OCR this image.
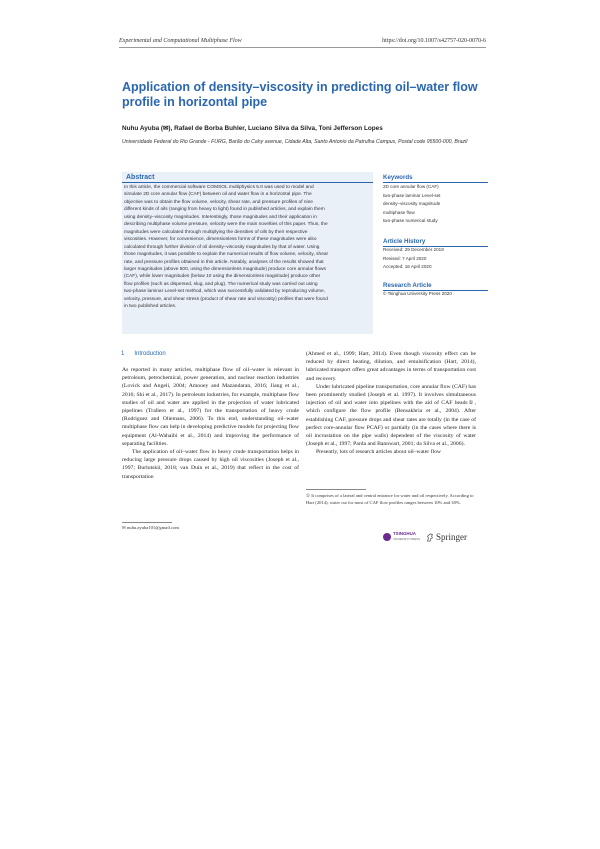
Experimental and Computational Multiphase Flow	https://doi.org/10.1007/s42757-020-0070-6
Application of density–viscosity in predicting oil–water flow profile in horizontal pipe
Nuhu Ayuba (✉), Rafael de Borba Buhler, Luciano Silva da Silva, Toni Jefferson Lopes
Universidade Federal do Rio Grande - FURG, Barão do Cahy avenue, Cidade Alta, Santo Antonio da Patrulha Campus, Postal code 95500-000, Brazil
Abstract
In this article, the commercial software COMSOL multiphysics 5.0 was used to model and
simulate 2D core annular flow (CAF) between oil and water flow in a horizontal pipe. The
objective was to obtain the flow volume, velocity, shear rate, and pressure profiles of nine
different kinds of oils (ranging from heavy to light) found in published articles, and explain them
using density–viscosity magnitudes. Interestingly, those magnitudes and their application in
describing multiphase volume pressure, velocity were the main novelties of this paper. Thus, the
magnitudes were calculated through multiplying the densities of oils by their respective
viscosities. However, for convenience, dimensionless forms of these magnitudes were also
calculated through further division of oil density–viscosity magnitudes by that of water. Using
those magnitudes, it was possible to explain the numerical results of flow volume, velocity, shear
rate, and pressure profiles obtained in this article. Notably, analyses of the results showed that
larger magnitudes (above 500, using the dimensionless magnitude) produce core annular flows
(CAF), while lower magnitudes (below 10 using the dimensionless magnitude) produce other
flow profiles (such as dispersed, slug, and plug). The numerical study was carried out using
two-phase laminar Level-set method, which was successfully validated by reproducing volume,
velocity, pressure, and shear stress (product of shear rate and viscosity) profiles that were found
in two published articles.
Keywords
2D core annular flow (CAF)
two-phase laminar Level-set
density–viscosity magnitude
multiphase flow
two-phase numerical study
Article History
Received: 29 December 2019
Revised: 7 April 2020
Accepted: 16 April 2020
Research Article
© Tsinghua University Press 2020
1 Introduction

As reported in many articles, multiphase flow of oil–water is relevant in petroleum, petrochemical, power generation, and nuclear reaction industries (Lovick and Angeli, 2004; Amooey and Mazandaran, 2016; Jiang et al., 2016; Shi et al., 2017). In petroleum industries, for example, multiphase flow studies of oil and water are applied in the projection of water lubricated pipelines (Trallero et al., 1997) for the transportation of heavy crude (Rodriguez and Oliemans, 2006). To this end, understanding oil–water multiphase flow can help in developing predictive models for projecting flow equipment (Al-Wahaibi et al., 2014) and improving the performance of separating facilities.

The application of oil–water flow in heavy crude transportation helps in reducing large pressure drops caused by high oil viscosities (Joseph et al., 1997; Burlutskii, 2018; van Duin et al., 2019) that reflect in the cost of transportation

(Ahmed et al., 1999; Hart, 2014). Even though viscosity effect can be reduced by direct heating, dilution, and emulsification (Hart, 2014), lubricated transport offers great advantages in terms of transportation cost and recovery.

Under lubricated pipeline transportation, core annular flow (CAF) has been prominently studied (Joseph et al. 1997). It involves simultaneous injection of oil and water into pipelines with the aid of CAF heads①, which configure the flow profile (Bensakhria et al., 2004). After establishing CAF, pressure drops and shear rates are totally (in the case of perfect core-annular flow PCAF) or partially (in the cases where there is oil incrustation on the pipe walls) dependent of the viscosity of water (Joseph et al., 1997; Parda and Bannwart, 2001; da Silva et al., 2006).

Presently, lots of research articles about oil–water flow

✉ nuhu.ayuba101@gmail.com
① It comprises of a lateral and central entrance for water and oil respectively. According to Hart (2014), water cut for most of CAF flow profiles ranges between 10% and 30%.
TSINGHUA
UNIVERSITY PRESS Springer
